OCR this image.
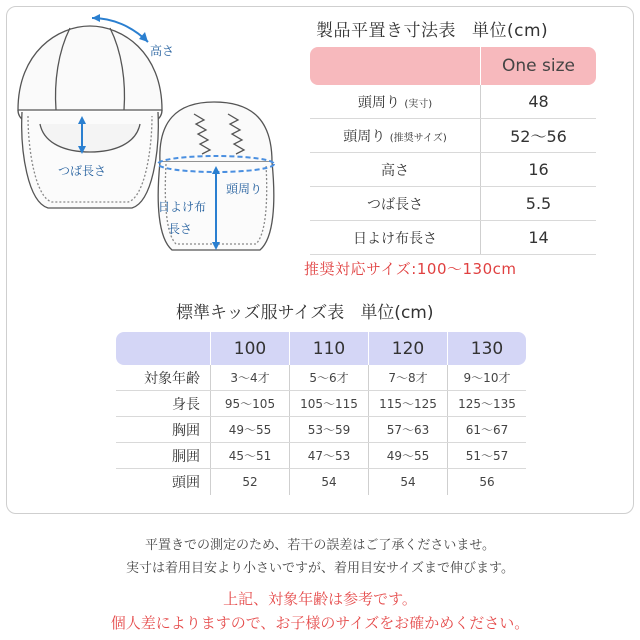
高さ
つば長さ
頭周り
日よけ布
長さ
製品平置き寸法表 単位(cm)
One size
頭周り (実寸)	48
頭周り (推奨サイズ)	52〜56
高さ	16
つば長さ	5.5
日よけ布長さ	14
推奨対応サイズ:100〜130cm
標準キッズ服サイズ表 単位(cm)
100	110	120	130
対象年齢	3〜4才	5〜6才	7〜8才	9〜10才
身長	95〜105	105〜115	115〜125	125〜135
胸囲	49〜55	53〜59	57〜63	61〜67
胴囲	45〜51	47〜53	49〜55	51〜57
頭囲	52	54	54	56
平置きでの測定のため、若干の誤差はご了承くださいませ。
実寸は着用目安より小さいですが、着用目安サイズまで伸びます。
上記、対象年齢は参考です。
個人差によりますので、お子様のサイズをお確かめください。
